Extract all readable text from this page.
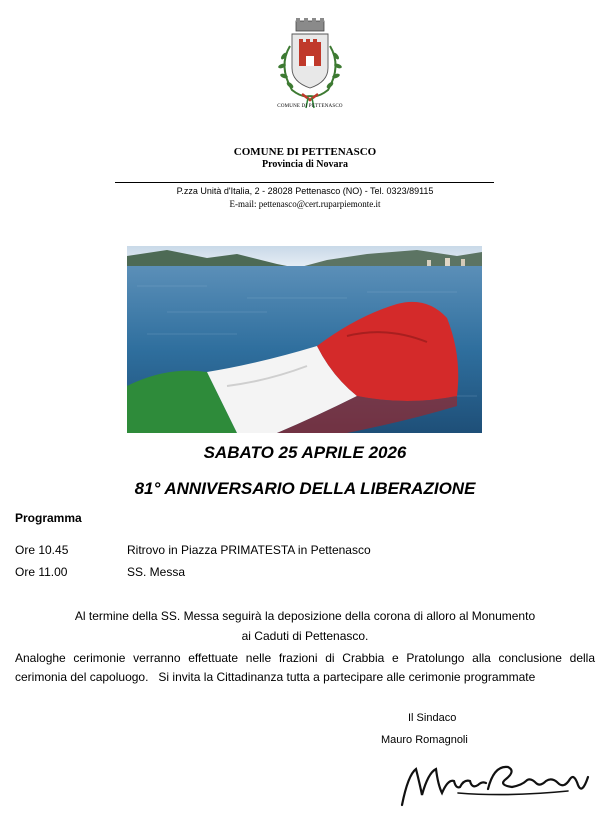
COMUNE DI PETTENASCO
COMUNE DI PETTENASCO
Provincia di Novara
P.zza Unità d'Italia, 2 - 28028 Pettenasco (NO) - Tel. 0323/89115
E-mail: pettenasco@cert.ruparpiemonte.it
SABATO 25 APRILE 2026
81° ANNIVERSARIO DELLA LIBERAZIONE
Programma
Ore 10.45	Ritrovo in Piazza PRIMATESTA in Pettenasco
Ore 11.00	SS. Messa
Al termine della SS. Messa seguirà la deposizione della corona di alloro al Monumento
ai Caduti di Pettenasco.
Analoghe cerimonie verranno effettuate nelle frazioni di Crabbia e Pratolungo alla conclusione della
cerimonia del capoluogo.   Si invita la Cittadinanza tutta a partecipare alle cerimonie programmate
Il Sindaco
Mauro Romagnoli
